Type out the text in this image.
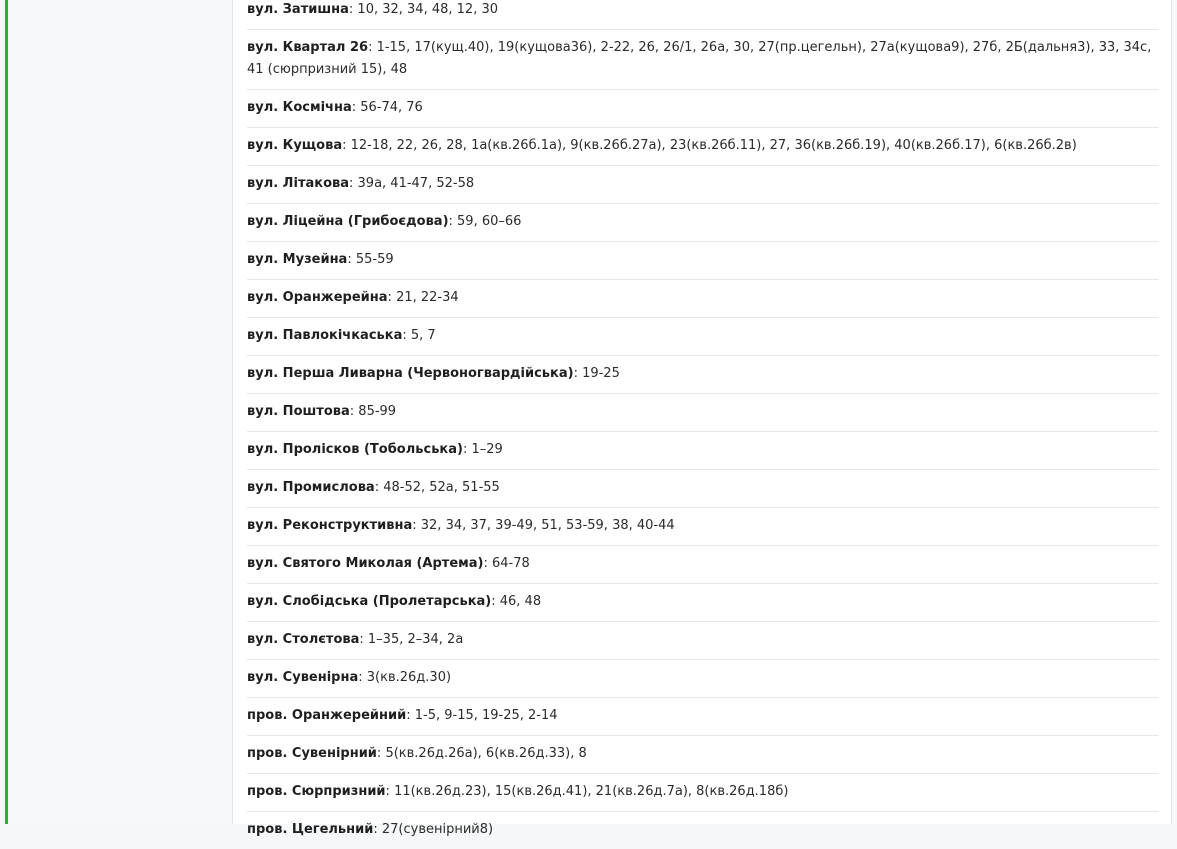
вул. Затишна: 10, 32, 34, 48, 12, 30
вул. Квартал 26: 1-15, 17(кущ.40), 19(кущова36), 2-22, 26, 26/1, 26а, 30, 27(пр.цегельн), 27а(кущова9), 27б, 2Б(дальня3), 33, 34с, 41 (сюрпризний 15), 48
вул. Космічна: 56-74, 76
вул. Кущова: 12-18, 22, 26, 28, 1а(кв.26б.1а), 9(кв.26б.27а), 23(кв.26б.11), 27, 36(кв.26б.19), 40(кв.26б.17), 6(кв.26б.2в)
вул. Літакова: 39а, 41-47, 52-58
вул. Ліцейна (Грибоєдова): 59, 60–66
вул. Музейна: 55-59
вул. Оранжерейна: 21, 22-34
вул. Павлокічкаська: 5, 7
вул. Перша Ливарна (Червоногвардійська): 19-25
вул. Поштова: 85-99
вул. Пролісков (Тобольська): 1–29
вул. Промислова: 48-52, 52а, 51-55
вул. Реконструктивна: 32, 34, 37, 39-49, 51, 53-59, 38, 40-44
вул. Святого Миколая (Артема): 64-78
вул. Слобідська (Пролетарська): 46, 48
вул. Столєтова: 1–35, 2–34, 2а
вул. Сувенірна: 3(кв.26д.30)
пров. Оранжерейний: 1-5, 9-15, 19-25, 2-14
пров. Сувенірний: 5(кв.26д.26а), 6(кв.26д.33), 8
пров. Сюрпризний: 11(кв.26д.23), 15(кв.26д.41), 21(кв.26д.7а), 8(кв.26д.18б)
пров. Цегельний: 27(сувенірний8)
